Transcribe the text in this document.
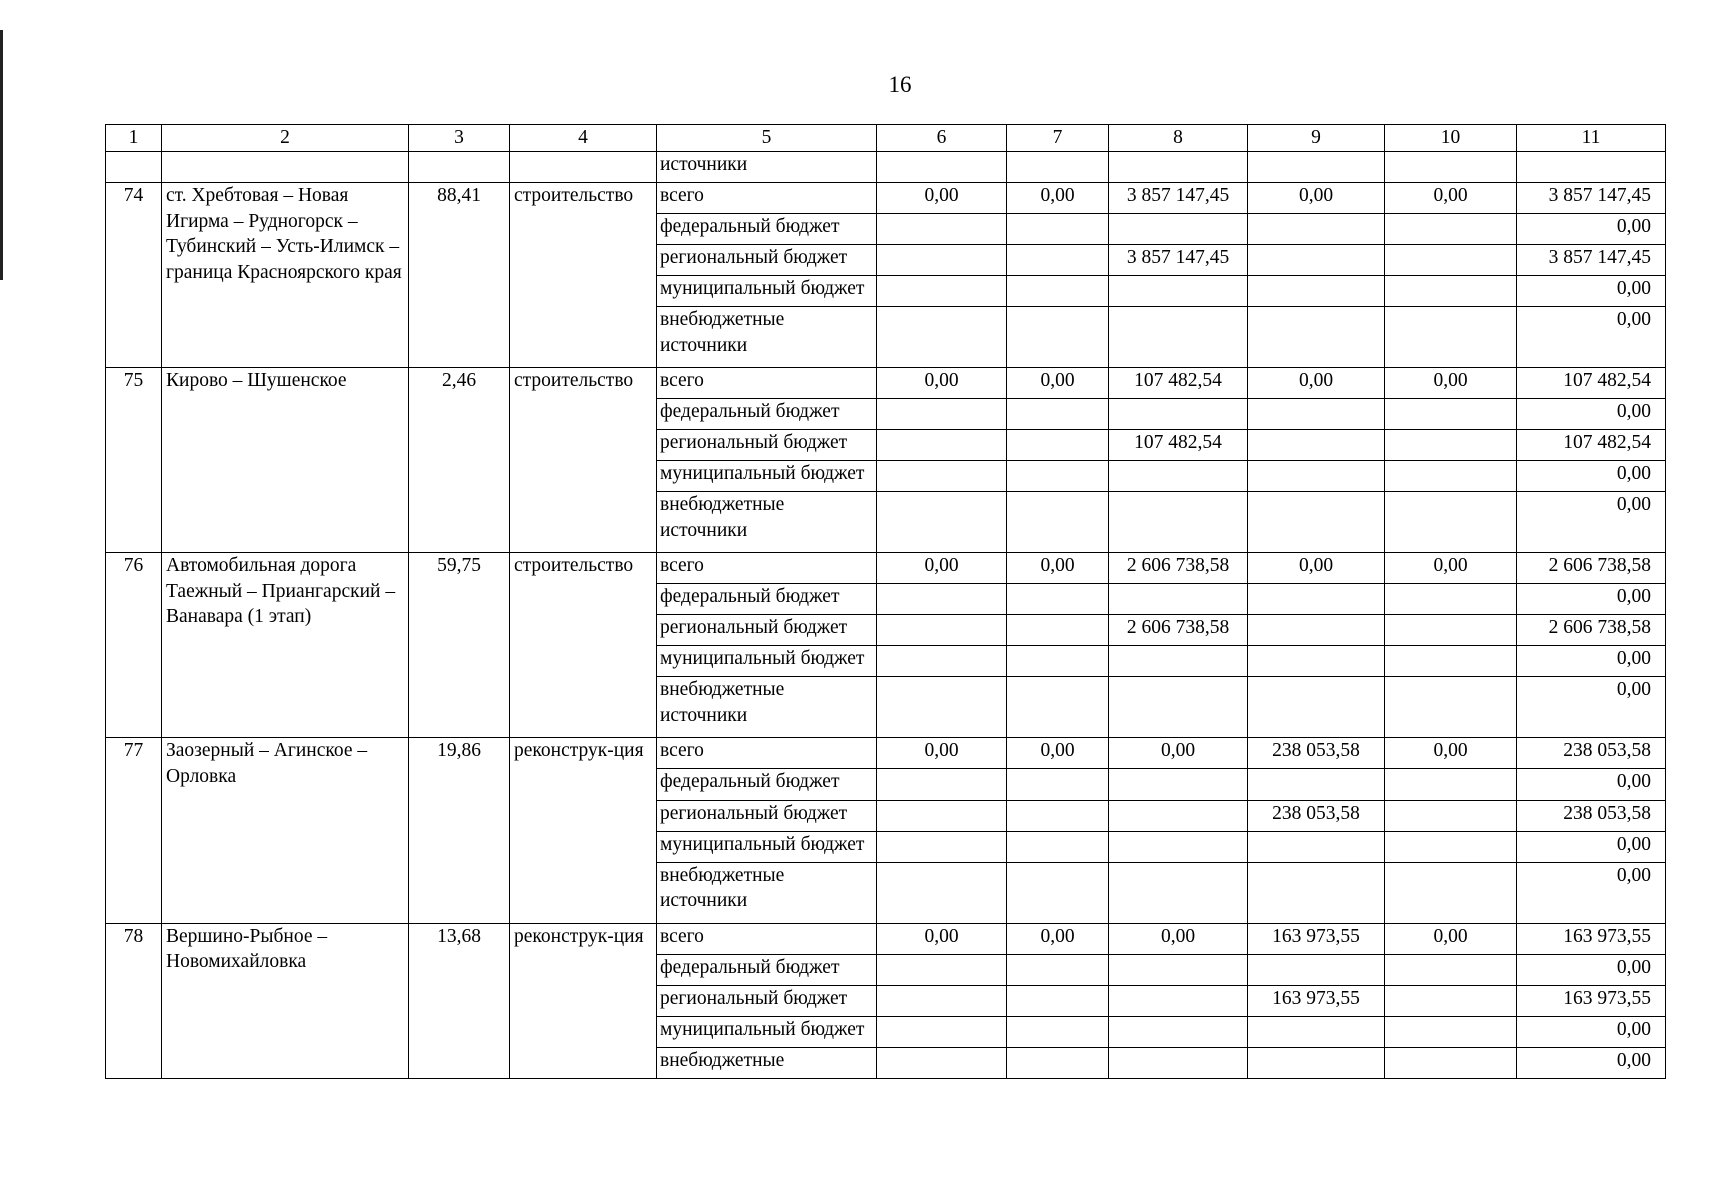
16
1	2	3	4	5	6	7	8	9	10	11
				источники						
74	ст. Хребтовая – Новая Игирма – Рудногорск – Тубинский – Усть-Илимск – граница Красноярского края	88,41	строительство	всего	0,00	0,00	3 857 147,45	0,00	0,00	3 857 147,45
				федеральный бюджет						0,00
				региональный бюджет			3 857 147,45			3 857 147,45
				муниципальный бюджет						0,00
				внебюджетные источники						0,00
75	Кирово – Шушенское	2,46	строительство	всего	0,00	0,00	107 482,54	0,00	0,00	107 482,54
				федеральный бюджет						0,00
				региональный бюджет			107 482,54			107 482,54
				муниципальный бюджет						0,00
				внебюджетные источники						0,00
76	Автомобильная дорога Таежный – Приангарский – Ванавара (1 этап)	59,75	строительство	всего	0,00	0,00	2 606 738,58	0,00	0,00	2 606 738,58
				федеральный бюджет						0,00
				региональный бюджет			2 606 738,58			2 606 738,58
				муниципальный бюджет						0,00
				внебюджетные источники						0,00
77	Заозерный – Агинское – Орловка	19,86	реконструк-ция	всего	0,00	0,00	0,00	238 053,58	0,00	238 053,58
				федеральный бюджет						0,00
				региональный бюджет				238 053,58		238 053,58
				муниципальный бюджет						0,00
				внебюджетные источники						0,00
78	Вершино-Рыбное – Новомихайловка	13,68	реконструк-ция	всего	0,00	0,00	0,00	163 973,55	0,00	163 973,55
				федеральный бюджет						0,00
				региональный бюджет				163 973,55		163 973,55
				муниципальный бюджет						0,00
				внебюджетные						0,00
